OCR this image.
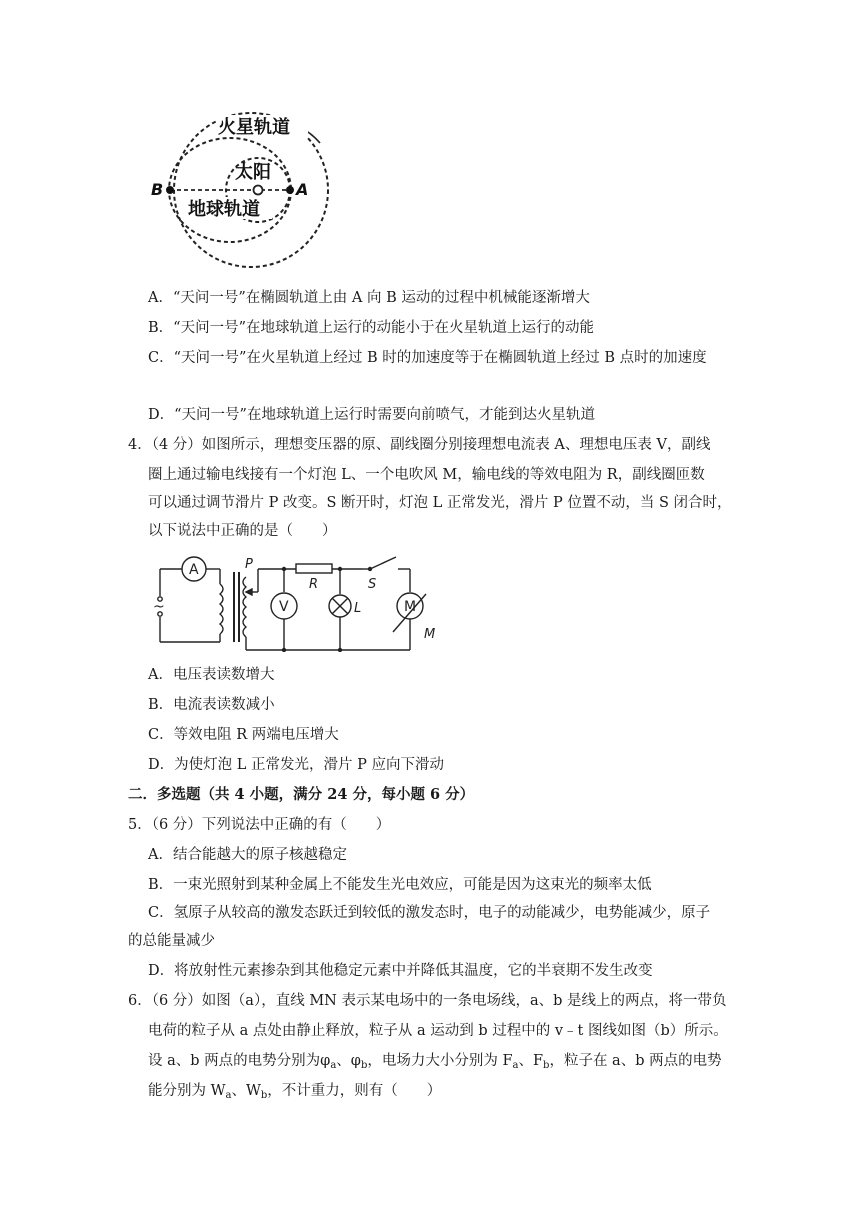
火星轨道
太阳
地球轨道
A
B
A．“天问一号”在椭圆轨道上由 A 向 B 运动的过程中机械能逐渐增大
B．“天问一号”在地球轨道上运行的动能小于在火星轨道上运行的动能
C．“天问一号”在火星轨道上经过 B 时的加速度等于在椭圆轨道上经过 B 点时的加速度
D．“天问一号”在地球轨道上运行时需要向前喷气，才能到达火星轨道
4．（4 分）如图所示，理想变压器的原、副线圈分别接理想电流表 A、理想电压表 V，副线
圈上通过输电线接有一个灯泡 L、一个电吹风 M，输电线的等效电阻为 R，副线圈匝数
可以通过调节滑片 P 改变。S 断开时，灯泡 L 正常发光，滑片 P 位置不动，当 S 闭合时，
以下说法中正确的是（　　）
A
~
P
R	S
V	L	M
M
A．电压表读数增大
B．电流表读数减小
C．等效电阻 R 两端电压增大
D．为使灯泡 L 正常发光，滑片 P 应向下滑动
二．多选题（共 4 小题，满分 24 分，每小题 6 分）
5．（6 分）下列说法中正确的有（　　）
A．结合能越大的原子核越稳定
B．一束光照射到某种金属上不能发生光电效应，可能是因为这束光的频率太低
C．氢原子从较高的激发态跃迁到较低的激发态时，电子的动能减少，电势能减少，原子
的总能量减少
D．将放射性元素掺杂到其他稳定元素中并降低其温度，它的半衰期不发生改变
6．（6 分）如图（a），直线 MN 表示某电场中的一条电场线，a、b 是线上的两点，将一带负
电荷的粒子从 a 点处由静止释放，粒子从 a 运动到 b 过程中的 v﹣t 图线如图（b）所示。
设 a、b 两点的电势分别为$\varphi_a$、$\varphi_b$，电场力大小分别为 $F_a$、$F_b$，粒子在 a、b 两点的电势
能分别为 $W_a$、$W_b$，不计重力，则有（　　）
